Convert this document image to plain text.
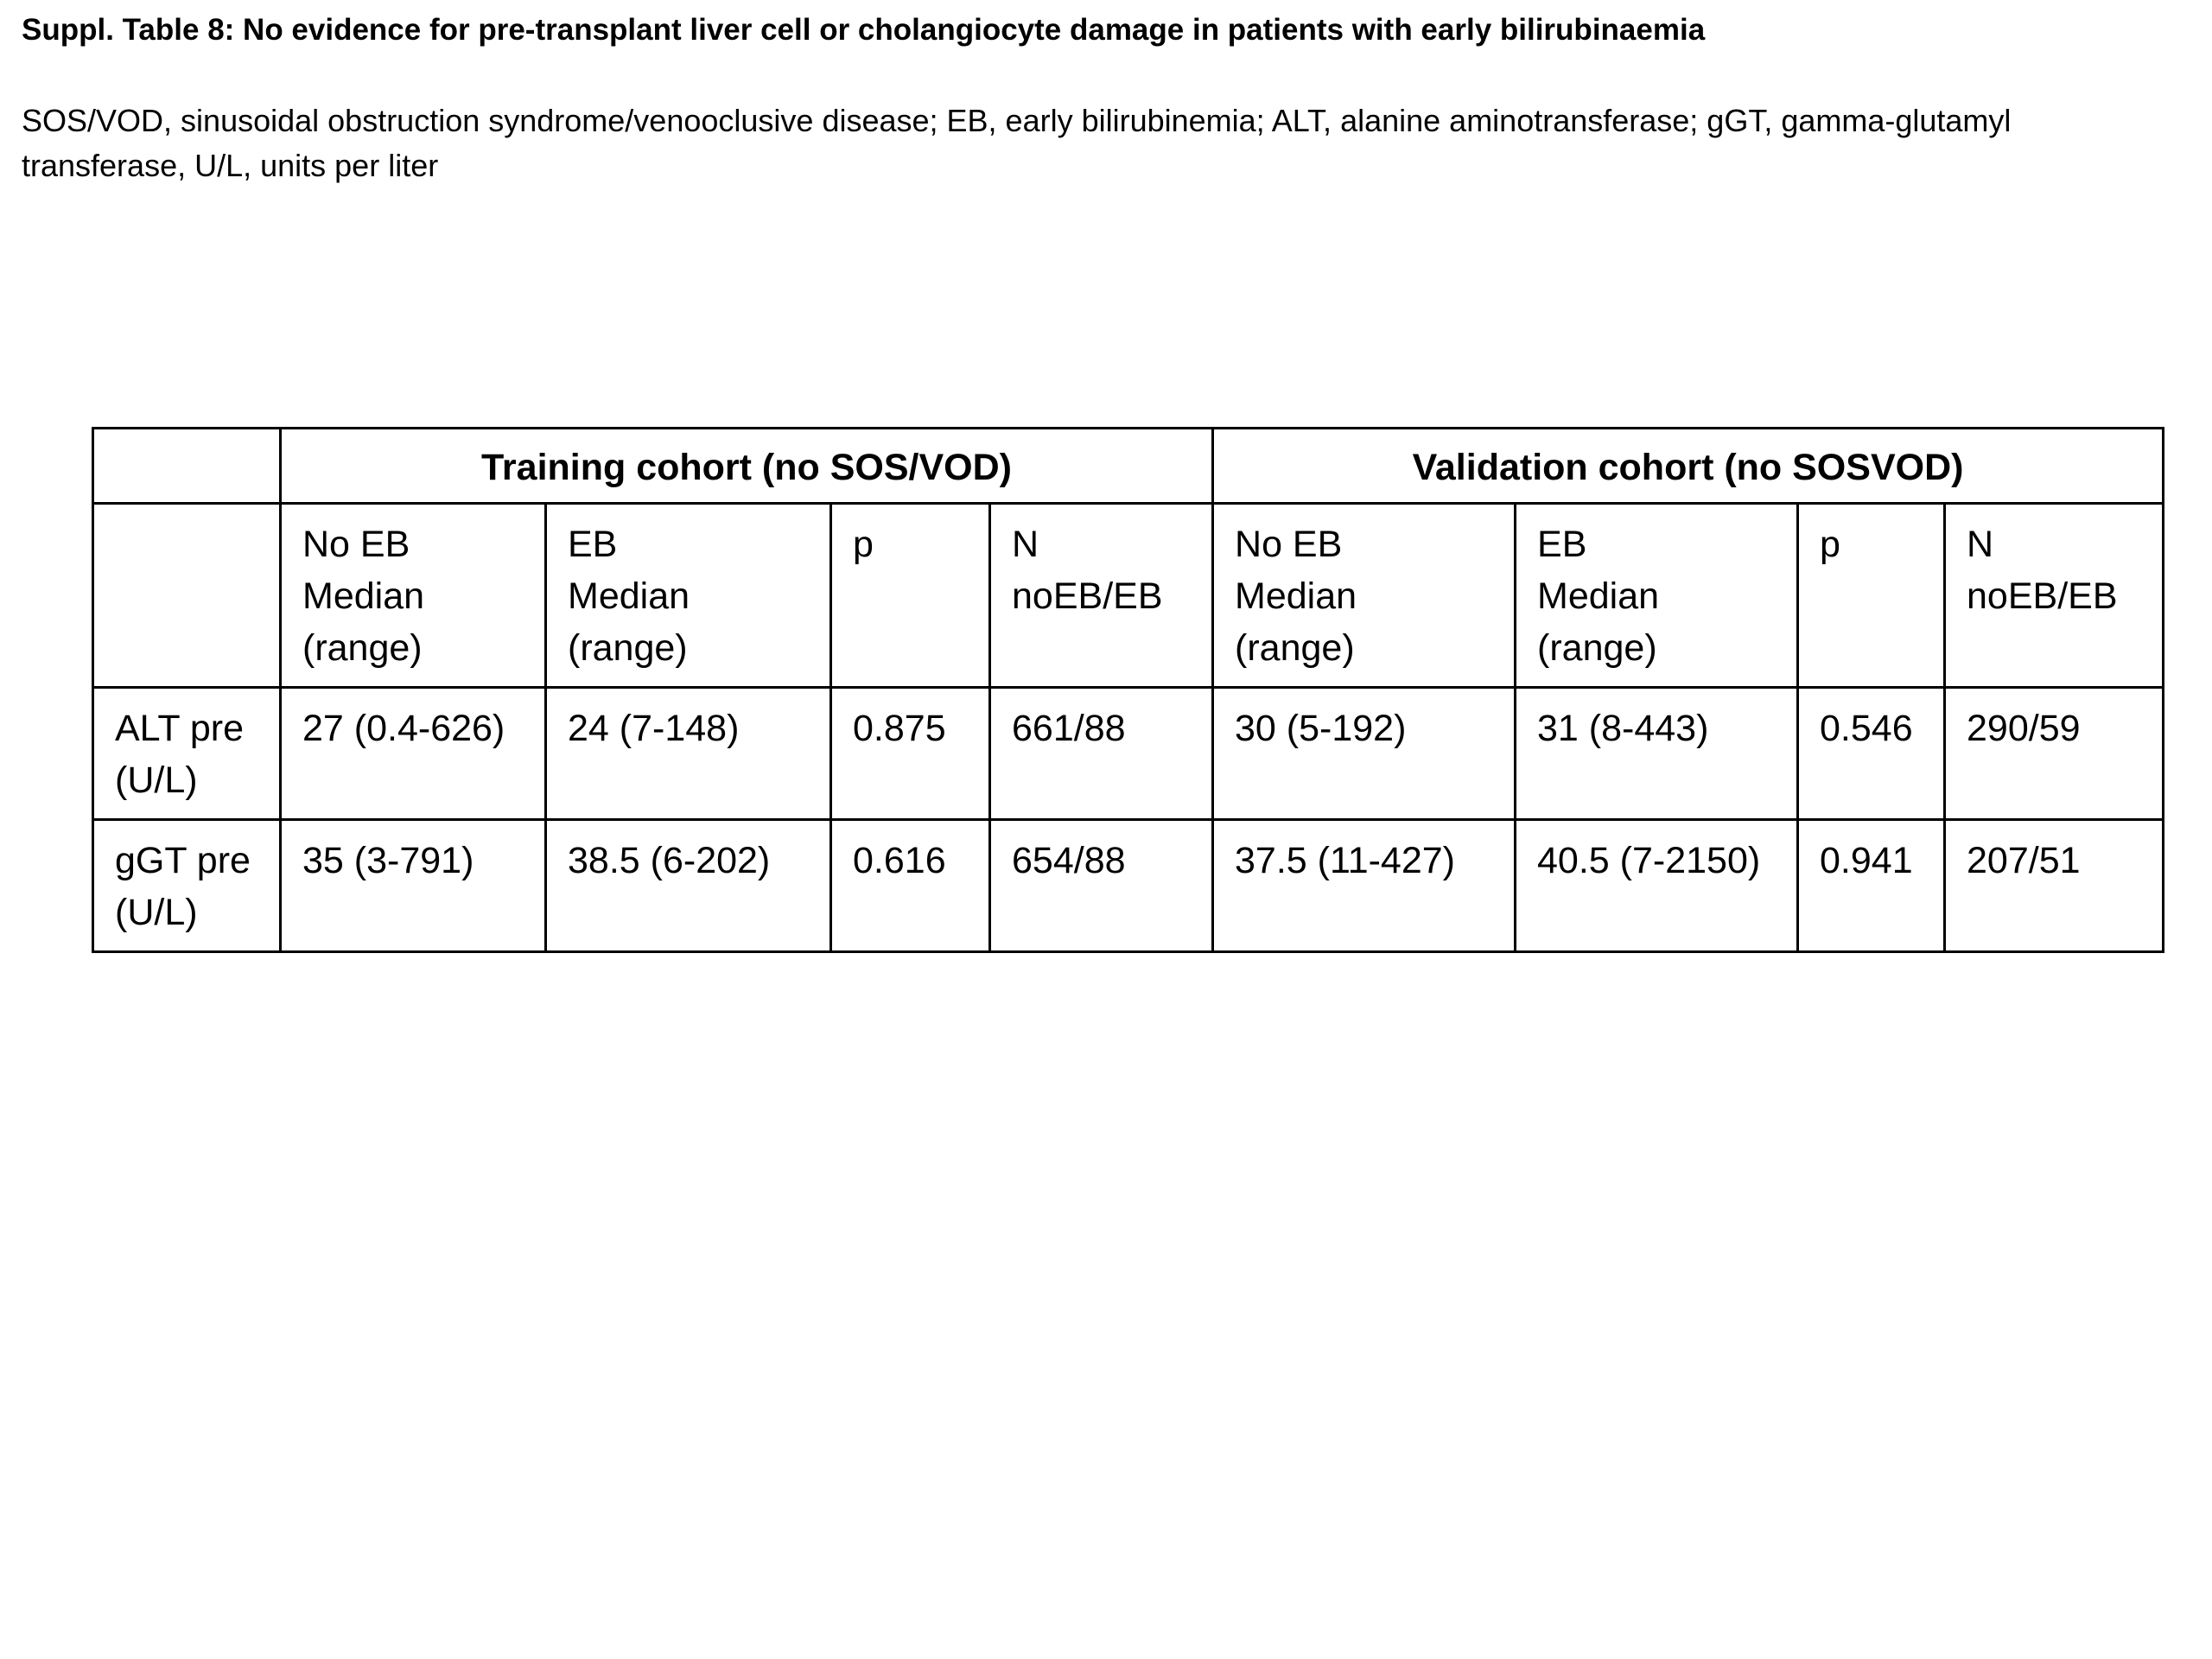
Suppl. Table 8: No evidence for pre-transplant liver cell or cholangiocyte damage in patients with early bilirubinaemia
SOS/VOD, sinusoidal obstruction syndrome/venooclusive disease; EB, early bilirubinemia; ALT, alanine aminotransferase; gGT, gamma-glutamyl transferase, U/L, units per liter
	Training cohort (no SOS/VOD)				Validation cohort (no SOSVOD)			
	No EB
Median
(range)	EB
Median
(range)	p	N
noEB/EB	No EB
Median
(range)	EB
Median
(range)	p	N
noEB/EB
ALT pre
(U/L)	27 (0.4-626)	24 (7-148)	0.875	661/88	30 (5-192)	31 (8-443)	0.546	290/59
gGT pre
(U/L)	35 (3-791)	38.5 (6-202)	0.616	654/88	37.5 (11-427)	40.5 (7-2150)	0.941	207/51
